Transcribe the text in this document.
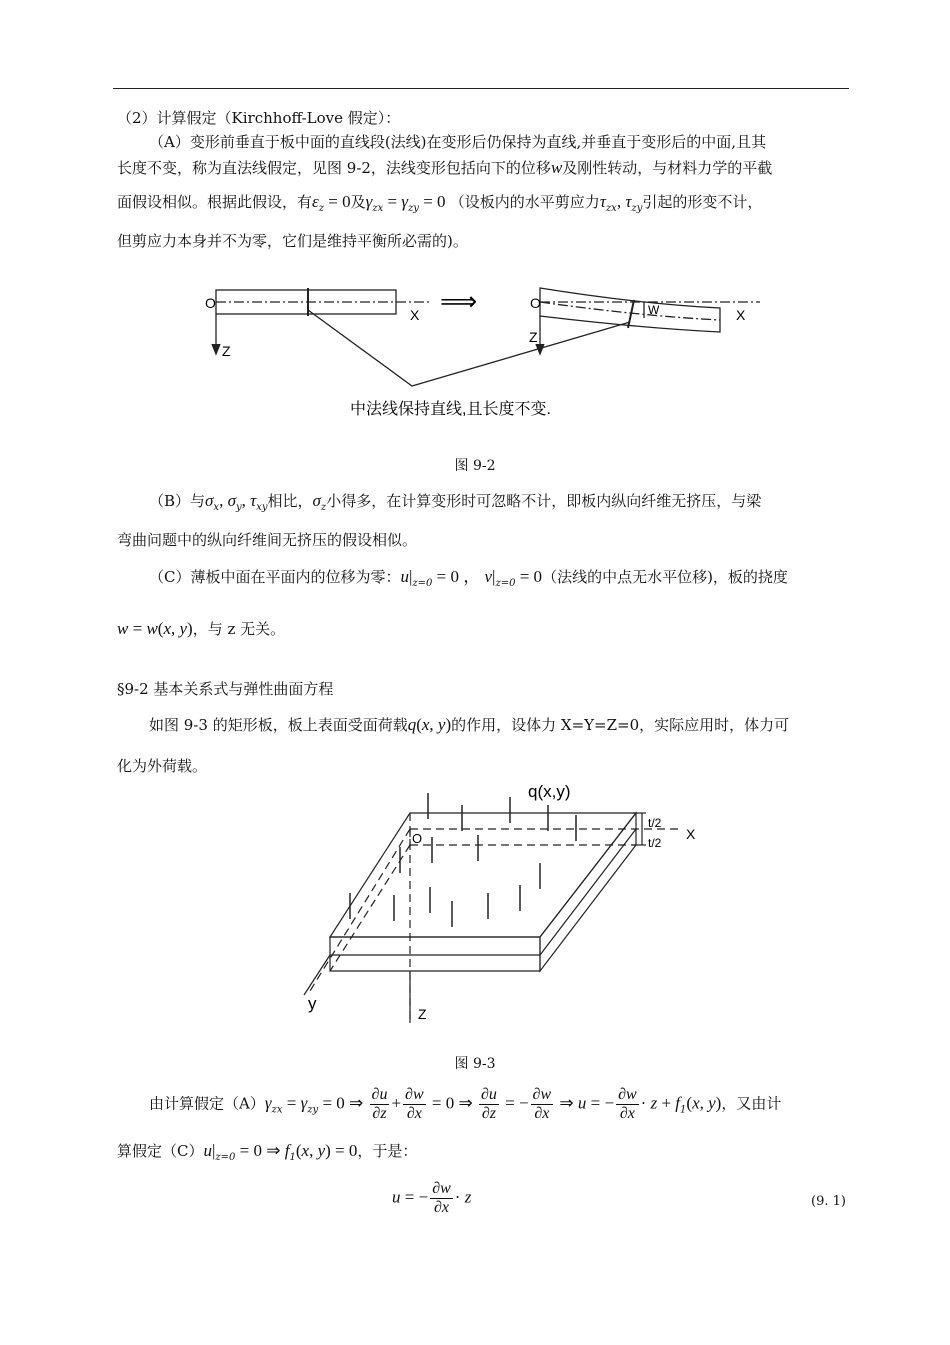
（2）计算假定（Kirchhoff-Love 假定）：
（A）变形前垂直于板中面的直线段(法线)在变形后仍保持为直线,并垂直于变形后的中面,且其
长度不变，称为直法线假定，见图 9-2，法线变形包括向下的位移w及刚性转动，与材料力学的平截
面假设相似。根据此假设，有$\varepsilon_z = 0$及$\gamma_{zx} = \gamma_{zy} = 0$ （设板内的水平剪应力$\tau_{zx}$, $\tau_{zy}$引起的形变不计，
但剪应力本身并不为零，它们是维持平衡所必需的)。
O
X
Z
O
X
Z
W
⟹
中法线保持直线,且长度不变.
图 9-2
（B）与$\sigma_x$, $\sigma_y$, $\tau_{xy}$相比，$\sigma_z$小得多，在计算变形时可忽略不计，即板内纵向纤维无挤压，与梁
弯曲问题中的纵向纤维间无挤压的假设相似。
（C）薄板中面在平面内的位移为零：$u|_{z=0} = 0$ ， $v|_{z=0} = 0$（法线的中点无水平位移)，板的挠度
w = w(x, y)，与 z 无关。
§9-2 基本关系式与弹性曲面方程
如图 9-3 的矩形板，板上表面受面荷载q(x, y)的作用，设体力 X=Y=Z=0，实际应用时，体力可
化为外荷载。
q(x,y)
t/2
t/2
X
O
y
Z
图 9-3
由计算假定$(A)\gamma_{zx} = \gamma_{zy} = 0$ ⇒ $\frac{\partial u}{\partial z} + \frac{\partial w}{\partial x} = 0$ ⇒ $\frac{\partial u}{\partial z}$ = − $\frac{\partial w}{\partial x}$ ⇒ u = − $\frac{\partial w}{\partial x} \cdot z + f_1(x$, y)，又由计
算假定$(C)u|_{z=0} = 0$ ⇒ $f_1(x$, y) = 0，于是：
u = − $\frac{\partial w}{\partial x} \cdot z$	(9. 1)
